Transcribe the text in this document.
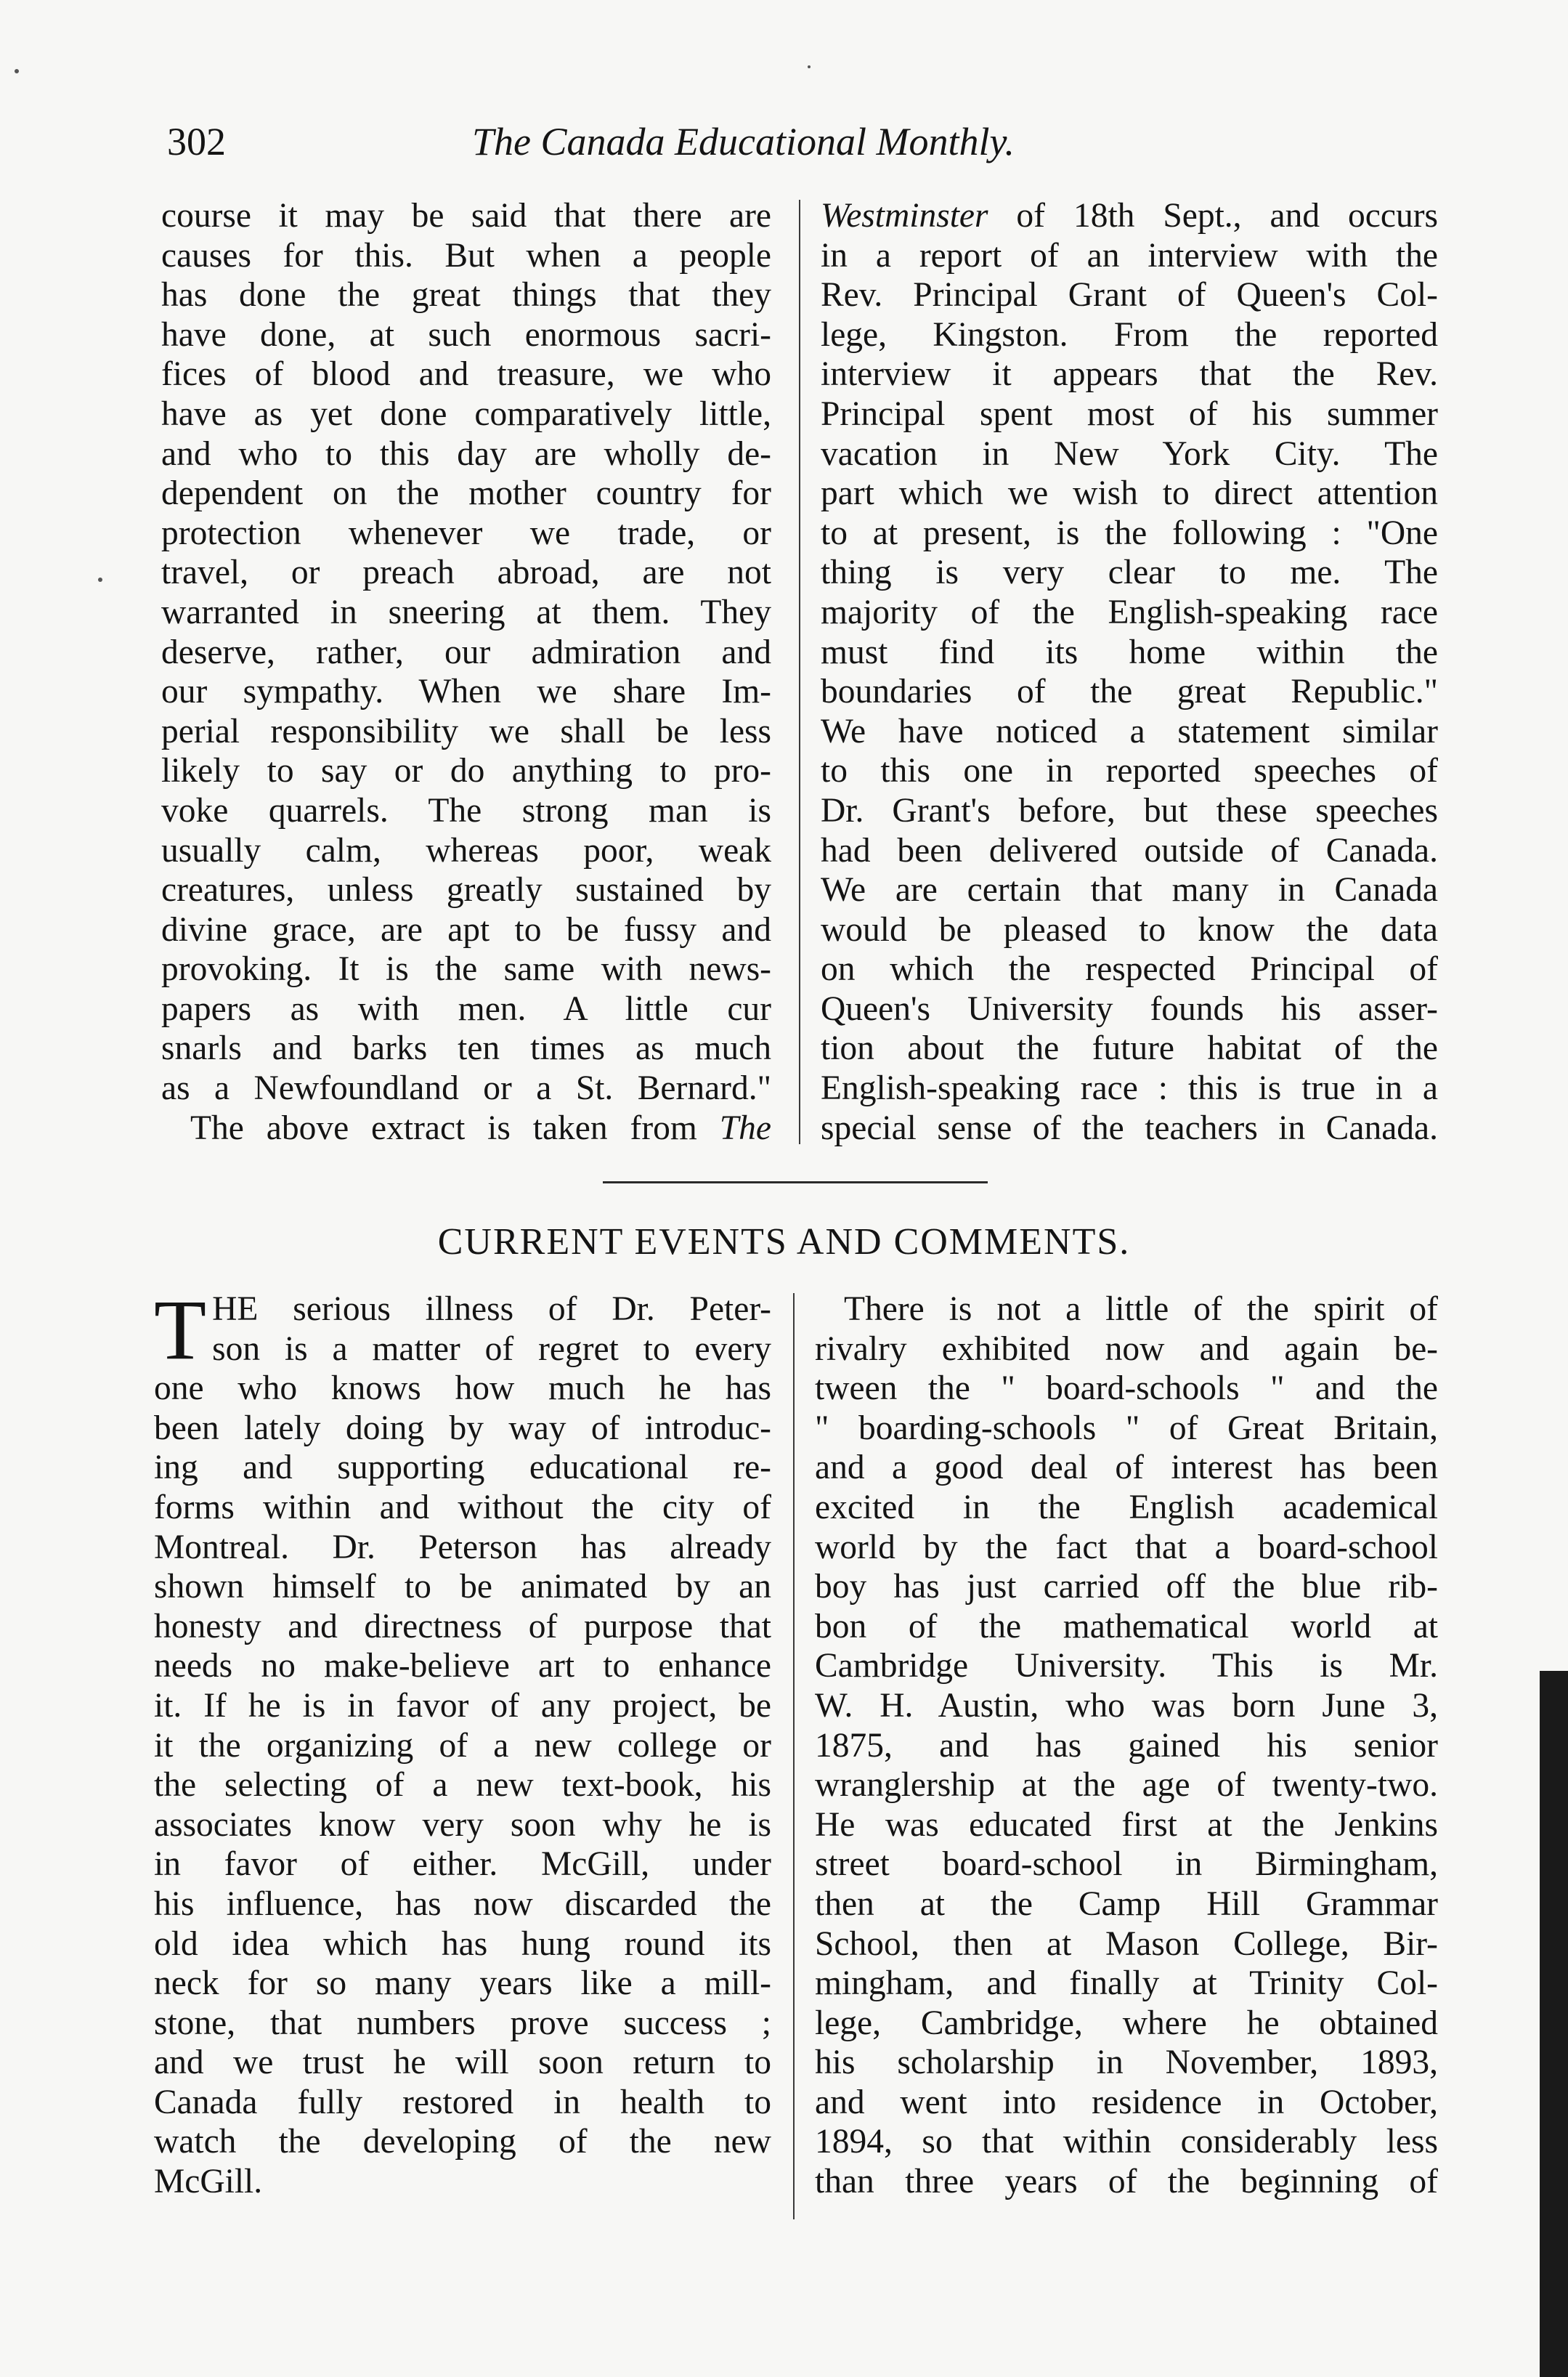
302	The Canada Educational Monthly.
course it may be said that there are
causes for this. But when a people
has done the great things that they
have done, at such enormous sacri-
fices of blood and treasure, we who
have as yet done comparatively little,
and who to this day are wholly de-
dependent on the mother country for
protection whenever we trade, or
travel, or preach abroad, are not
warranted in sneering at them. They
deserve, rather, our admiration and
our sympathy. When we share Im-
perial responsibility we shall be less
likely to say or do anything to pro-
voke quarrels. The strong man is
usually calm, whereas poor, weak
creatures, unless greatly sustained by
divine grace, are apt to be fussy and
provoking. It is the same with news-
papers as with men. A little cur
snarls and barks ten times as much
as a Newfoundland or a St. Bernard."
The above extract is taken from The
Westminster of 18th Sept., and occurs
in a report of an interview with the
Rev. Principal Grant of Queen's Col-
lege, Kingston. From the reported
interview it appears that the Rev.
Principal spent most of his summer
vacation in New York City. The
part which we wish to direct attention
to at present, is the following : "One
thing is very clear to me. The
majority of the English-speaking race
must find its home within the
boundaries of the great Republic."
We have noticed a statement similar
to this one in reported speeches of
Dr. Grant's before, but these speeches
had been delivered outside of Canada.
We are certain that many in Canada
would be pleased to know the data
on which the respected Principal of
Queen's University founds his asser-
tion about the future habitat of the
English-speaking race : this is true in a
special sense of the teachers in Canada.
CURRENT EVENTS AND COMMENTS.
T HE serious illness of Dr. Peter-
son is a matter of regret to every
one who knows how much he has
been lately doing by way of introduc-
ing and supporting educational re-
forms within and without the city of
Montreal. Dr. Peterson has already
shown himself to be animated by an
honesty and directness of purpose that
needs no make-believe art to enhance
it. If he is in favor of any project, be
it the organizing of a new college or
the selecting of a new text-book, his
associates know very soon why he is
in favor of either. McGill, under
his influence, has now discarded the
old idea which has hung round its
neck for so many years like a mill-
stone, that numbers prove success ;
and we trust he will soon return to
Canada fully restored in health to
watch the developing of the new
McGill.
There is not a little of the spirit of
rivalry exhibited now and again be-
tween the " board-schools " and the
" boarding-schools " of Great Britain,
and a good deal of interest has been
excited in the English academical
world by the fact that a board-school
boy has just carried off the blue rib-
bon of the mathematical world at
Cambridge University. This is Mr.
W. H. Austin, who was born June 3,
1875, and has gained his senior
wranglership at the age of twenty-two.
He was educated first at the Jenkins
street board-school in Birmingham,
then at the Camp Hill Grammar
School, then at Mason College, Bir-
mingham, and finally at Trinity Col-
lege, Cambridge, where he obtained
his scholarship in November, 1893,
and went into residence in October,
1894, so that within considerably less
than three years of the beginning of
